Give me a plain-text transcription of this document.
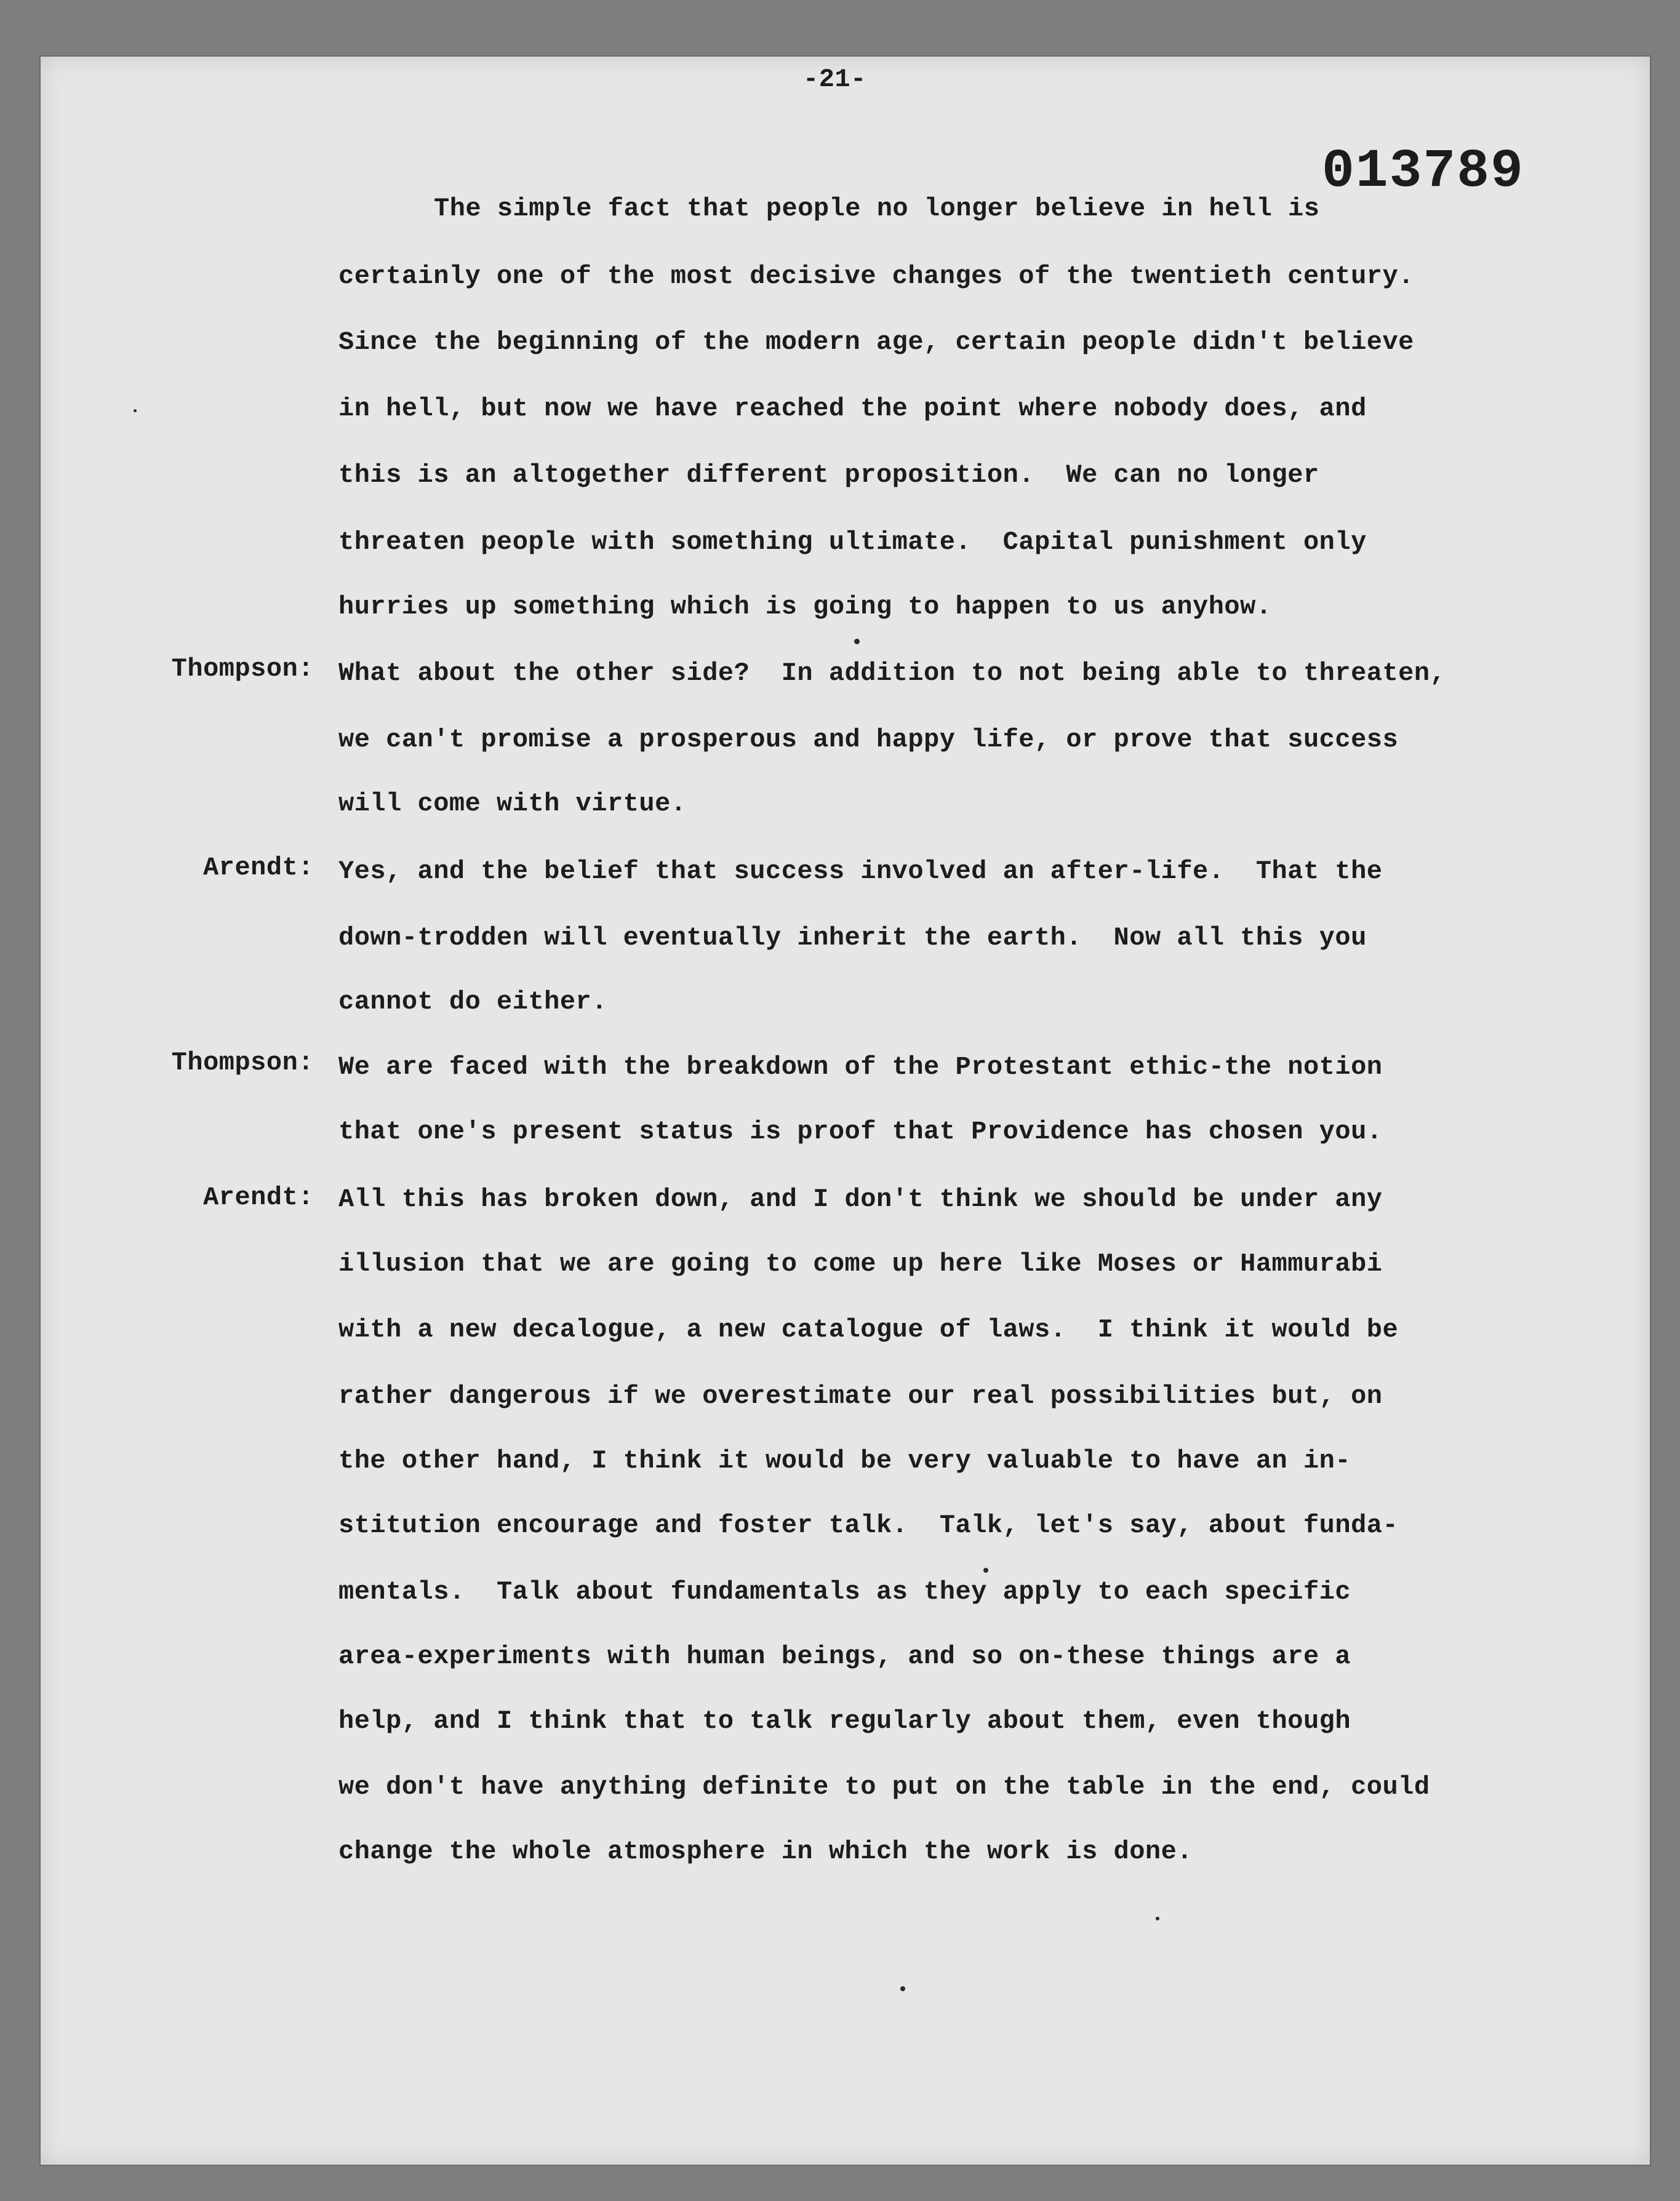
-21-
013789
The simple fact that people no longer believe in hell is
certainly one of the most decisive changes of the twentieth century.
Since the beginning of the modern age, certain people didn't believe
in hell, but now we have reached the point where nobody does, and
this is an altogether different proposition.  We can no longer
threaten people with something ultimate.  Capital punishment only
hurries up something which is going to happen to us anyhow.
Thompson: What about the other side?  In addition to not being able to threaten,
we can't promise a prosperous and happy life, or prove that success
will come with virtue.
Arendt: Yes, and the belief that success involved an after-life.  That the
down-trodden will eventually inherit the earth.  Now all this you
cannot do either.
Thompson: We are faced with the breakdown of the Protestant ethic-the notion
that one's present status is proof that Providence has chosen you.
Arendt: All this has broken down, and I don't think we should be under any
illusion that we are going to come up here like Moses or Hammurabi
with a new decalogue, a new catalogue of laws.  I think it would be
rather dangerous if we overestimate our real possibilities but, on
the other hand, I think it would be very valuable to have an in-
stitution encourage and foster talk.  Talk, let's say, about funda-
mentals.  Talk about fundamentals as they apply to each specific
area-experiments with human beings, and so on-these things are a
help, and I think that to talk regularly about them, even though
we don't have anything definite to put on the table in the end, could
change the whole atmosphere in which the work is done.
